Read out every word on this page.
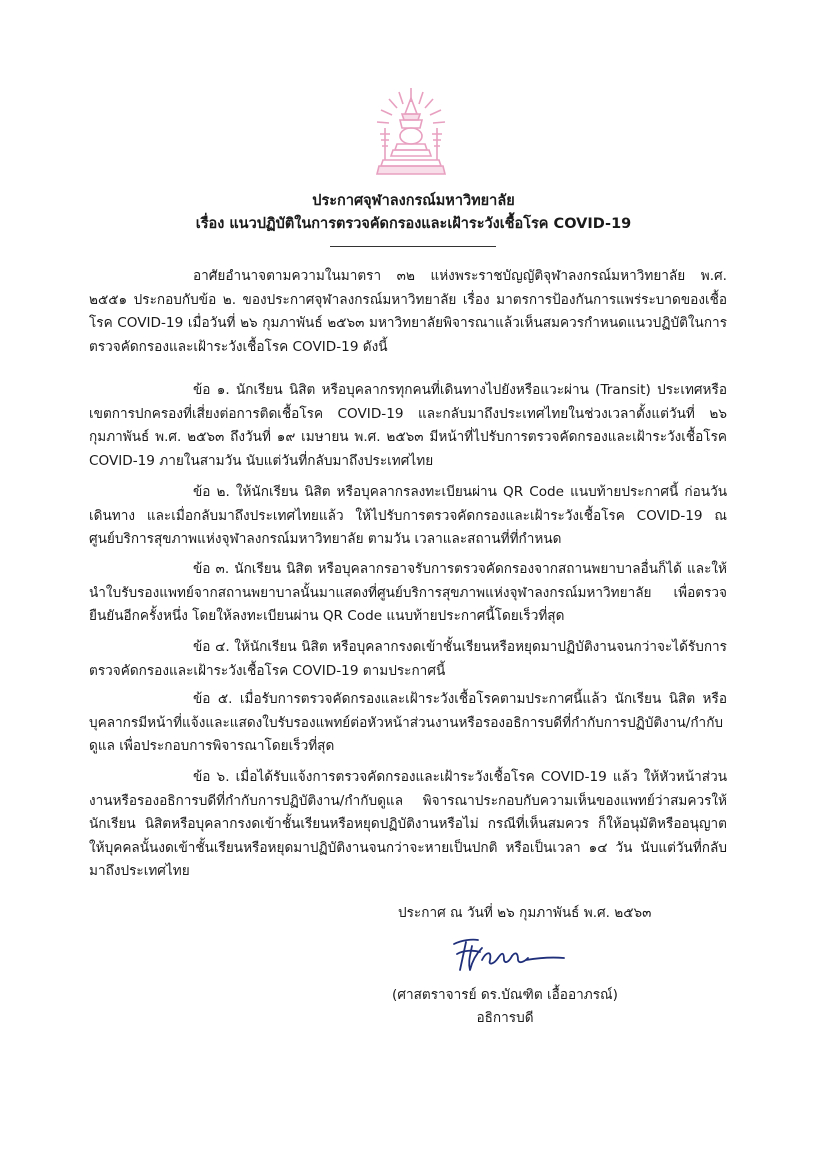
ประกาศจุฬาลงกรณ์มหาวิทยาลัย
เรื่อง แนวปฏิบัติในการตรวจคัดกรองและเฝ้าระวังเชื้อโรค COVID-19

อาศัยอำนาจตามความในมาตรา ๓๒ แห่งพระราชบัญญัติจุฬาลงกรณ์มหาวิทยาลัย พ.ศ. ๒๕๕๑ ประกอบกับข้อ ๒. ของประกาศจุฬาลงกรณ์มหาวิทยาลัย เรื่อง มาตรการป้องกันการแพร่ระบาดของเชื้อโรค COVID-19 เมื่อวันที่ ๒๖ กุมภาพันธ์ ๒๕๖๓ มหาวิทยาลัยพิจารณาแล้วเห็นสมควรกำหนดแนวปฏิบัติในการตรวจคัดกรองและเฝ้าระวังเชื้อโรค COVID-19 ดังนี้

ข้อ ๑. นักเรียน นิสิต หรือบุคลากรทุกคนที่เดินทางไปยังหรือแวะผ่าน (Transit) ประเทศหรือเขตการปกครองที่เสี่ยงต่อการติดเชื้อโรค COVID-19 และกลับมาถึงประเทศไทยในช่วงเวลาตั้งแต่วันที่ ๒๖ กุมภาพันธ์ พ.ศ. ๒๕๖๓ ถึงวันที่ ๑๙ เมษายน พ.ศ. ๒๕๖๓ มีหน้าที่ไปรับการตรวจคัดกรองและเฝ้าระวังเชื้อโรค COVID-19 ภายในสามวัน นับแต่วันที่กลับมาถึงประเทศไทย

ข้อ ๒. ให้นักเรียน นิสิต หรือบุคลากรลงทะเบียนผ่าน QR Code แนบท้ายประกาศนี้ ก่อนวันเดินทาง และเมื่อกลับมาถึงประเทศไทยแล้ว ให้ไปรับการตรวจคัดกรองและเฝ้าระวังเชื้อโรค COVID-19 ณ ศูนย์บริการสุขภาพแห่งจุฬาลงกรณ์มหาวิทยาลัย ตามวัน เวลาและสถานที่ที่กำหนด

ข้อ ๓. นักเรียน นิสิต หรือบุคลากรอาจรับการตรวจคัดกรองจากสถานพยาบาลอื่นก็ได้ และให้นำใบรับรองแพทย์จากสถานพยาบาลนั้นมาแสดงที่ศูนย์บริการสุขภาพแห่งจุฬาลงกรณ์มหาวิทยาลัย เพื่อตรวจยืนยันอีกครั้งหนึ่ง โดยให้ลงทะเบียนผ่าน QR Code แนบท้ายประกาศนี้โดยเร็วที่สุด

ข้อ ๔. ให้นักเรียน นิสิต หรือบุคลากรงดเข้าชั้นเรียนหรือหยุดมาปฏิบัติงานจนกว่าจะได้รับการตรวจคัดกรองและเฝ้าระวังเชื้อโรค COVID-19 ตามประกาศนี้

ข้อ ๕. เมื่อรับการตรวจคัดกรองและเฝ้าระวังเชื้อโรคตามประกาศนี้แล้ว นักเรียน นิสิต หรือบุคลากรมีหน้าที่แจ้งและแสดงใบรับรองแพทย์ต่อหัวหน้าส่วนงานหรือรองอธิการบดีที่กำกับการปฏิบัติงาน/กำกับดูแล เพื่อประกอบการพิจารณาโดยเร็วที่สุด

ข้อ ๖. เมื่อได้รับแจ้งการตรวจคัดกรองและเฝ้าระวังเชื้อโรค COVID-19 แล้ว ให้หัวหน้าส่วนงานหรือรองอธิการบดีที่กำกับการปฏิบัติงาน/กำกับดูแล พิจารณาประกอบกับความเห็นของแพทย์ว่าสมควรให้นักเรียน นิสิตหรือบุคลากรงดเข้าชั้นเรียนหรือหยุดปฏิบัติงานหรือไม่ กรณีที่เห็นสมควร ก็ให้อนุมัติหรืออนุญาตให้บุคคลนั้นงดเข้าชั้นเรียนหรือหยุดมาปฏิบัติงานจนกว่าจะหายเป็นปกติ หรือเป็นเวลา ๑๔ วัน นับแต่วันที่กลับมาถึงประเทศไทย

ประกาศ ณ วันที่ ๒๖ กุมภาพันธ์ พ.ศ. ๒๕๖๓
(ศาสตราจารย์ ดร.บัณฑิต เอื้ออาภรณ์)
อธิการบดี
